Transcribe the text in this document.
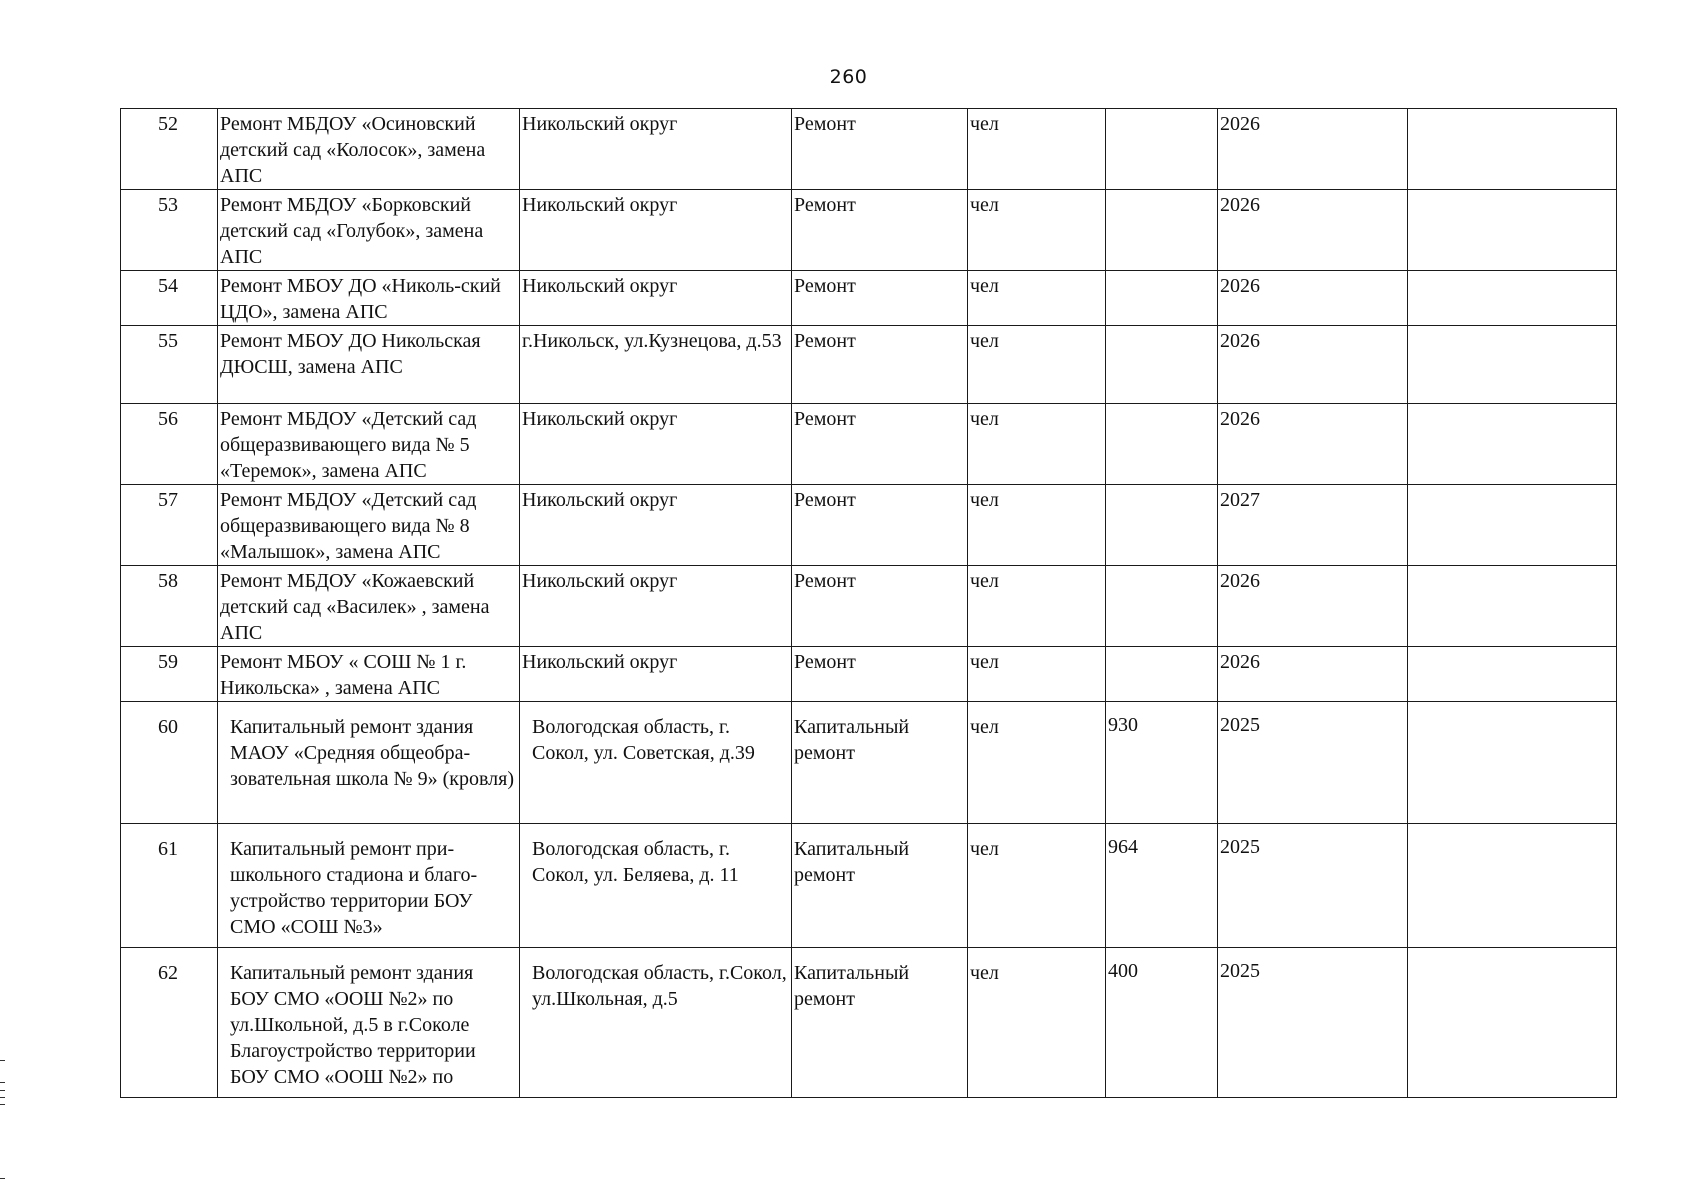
260
52	Ремонт МБДОУ «Осиновский детский сад «Колосок», замена АПС	Никольский округ	Ремонт	чел		2026	
53	Ремонт МБДОУ «Борковский детский сад «Голубок», замена АПС	Никольский округ	Ремонт	чел		2026	
54	Ремонт МБОУ ДО «Николь-ский ЦДО», замена АПС	Никольский округ	Ремонт	чел		2026	
55	Ремонт МБОУ ДО Никольская ДЮСШ, замена АПС	г.Никольск, ул.Кузнецова, д.53	Ремонт	чел		2026	
56	Ремонт МБДОУ «Детский сад общеразвивающего вида № 5 «Теремок», замена АПС	Никольский округ	Ремонт	чел		2026	
57	Ремонт МБДОУ «Детский сад общеразвивающего вида № 8 «Малышок», замена АПС	Никольский округ	Ремонт	чел		2027	
58	Ремонт МБДОУ «Кожаевский детский сад «Василек» , замена АПС	Никольский округ	Ремонт	чел		2026	
59	Ремонт МБОУ « СОШ № 1 г. Никольска» , замена АПС	Никольский округ	Ремонт	чел		2026	
60	Капитальный ремонт здания МАОУ «Средняя общеобра-зовательная школа № 9» (кровля)	Вологодская область, г. Сокол, ул. Советская, д.39	Капитальный ремонт	чел	930	2025	
61	Капитальный ремонт при-школьного стадиона и благо-устройство территории БОУ СМО «СОШ №3»	Вологодская область, г. Сокол, ул. Беляева, д. 11	Капитальный ремонт	чел	964	2025	
62	Капитальный ремонт здания БОУ СМО «ООШ №2» по ул.Школьной, д.5 в г.Соколе Благоустройство территории БОУ СМО «ООШ №2» по	Вологодская область, г.Сокол, ул.Школьная, д.5	Капитальный ремонт	чел	400	2025	
